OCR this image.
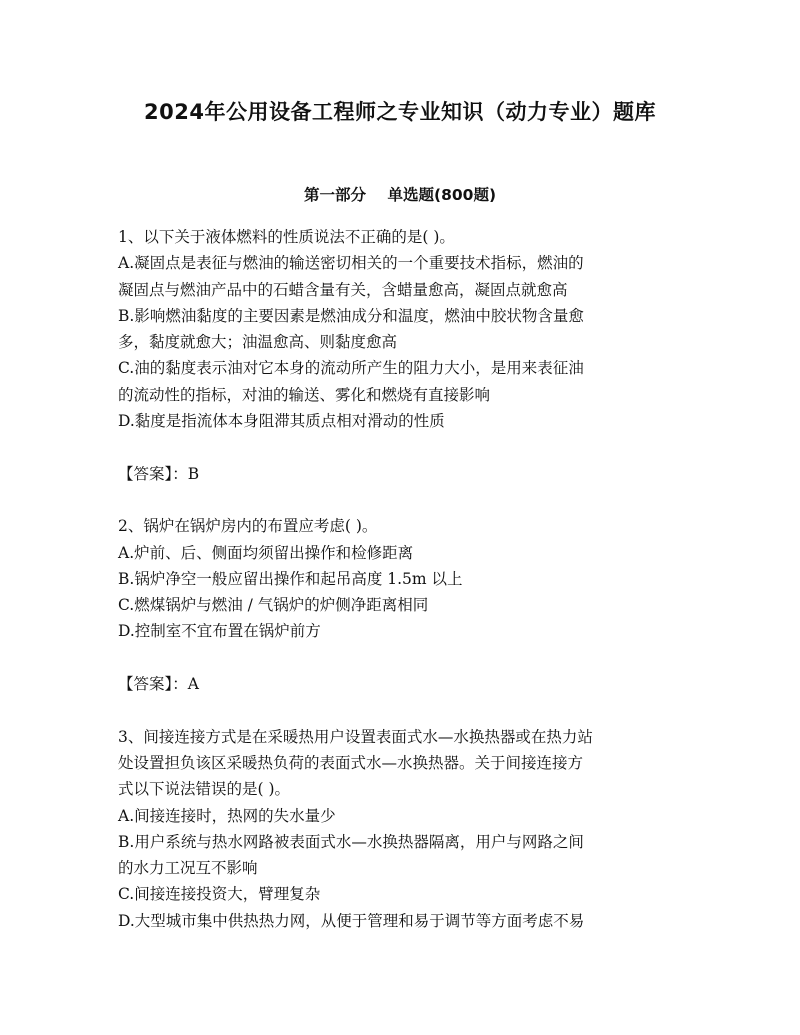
2024年公用设备工程师之专业知识（动力专业）题库
第一部分    单选题(800题)
1、以下关于液体燃料的性质说法不正确的是( )。
A.凝固点是表征与燃油的输送密切相关的一个重要技术指标，燃油的
凝固点与燃油产品中的石蜡含量有关，含蜡量愈高，凝固点就愈高
B.影响燃油黏度的主要因素是燃油成分和温度，燃油中胶状物含量愈
多，黏度就愈大；油温愈高、则黏度愈高
C.油的黏度表示油对它本身的流动所产生的阻力大小，是用来表征油
的流动性的指标，对油的输送、雾化和燃烧有直接影响
D.黏度是指流体本身阻滞其质点相对滑动的性质
【答案】：B
2、锅炉在锅炉房内的布置应考虑( )。
A.炉前、后、侧面均须留出操作和检修距离
B.锅炉净空一般应留出操作和起吊高度 1.5m 以上
C.燃煤锅炉与燃油 / 气锅炉的炉侧净距离相同
D.控制室不宜布置在锅炉前方
【答案】：A
3、间接连接方式是在采暖热用户设置表面式水—水换热器或在热力站
处设置担负该区采暖热负荷的表面式水—水换热器。关于间接连接方
式以下说法错误的是( )。
A.间接连接时，热网的失水量少
B.用户系统与热水网路被表面式水—水换热器隔离，用户与网路之间
的水力工况互不影响
C.间接连接投资大，臂理复杂
D.大型城市集中供热热力网，从便于管理和易于调节等方面考虑不易
